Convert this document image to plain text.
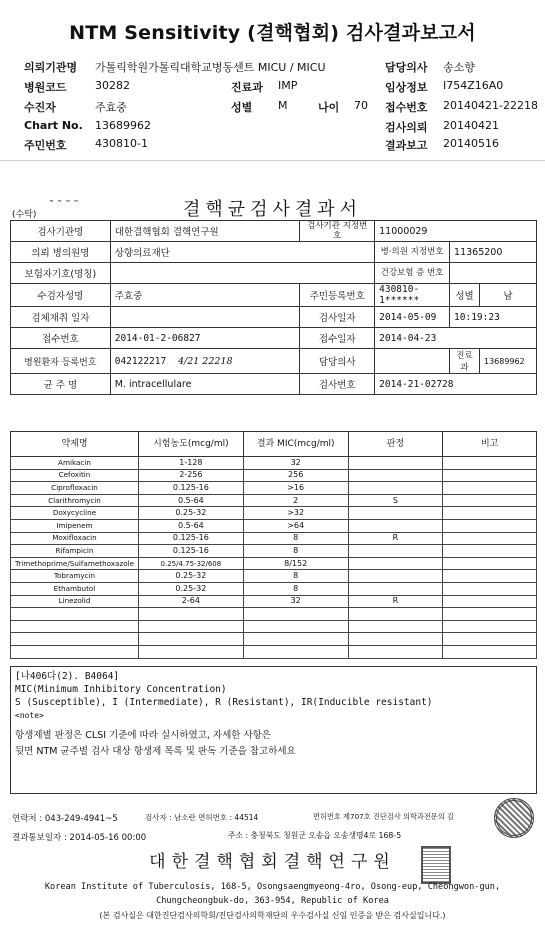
NTM Sensitivity (결핵협회) 검사결과보고서
의뢰기관명 가톨릭학원가톨릭대학교병동센트 MICU / MICU	담당의사 송소향
병원코드	30282	진료과 IMP	임상정보 I754Z16A0
수진자	주효중	성별 M	나이 70 접수번호 20140421-22218
Chart No. 13689962	검사의뢰 20140421
주민번호	430810-1	결과보고 20140516
(수탁)
˜ ˜ ˜ ˜	결핵균검사결과서
검사기관명	대한결핵협회 결핵연구원	검사기관 지정번호	11000029		
의뢰 병의원명	상향의료재단		병·의원 지정번호	11365200	
보험자기호(명칭)			건강보험 증 번호		
수검자성명	주효중	주민등록번호	430810-1******	성별	남
검체채취 일자		검사일자	2014-05-09	10:19:23	
접수번호	2014-01-2-06827	접수일자	2014-04-23		
병원환자 등록번호	042122217 4/21 22218	담당의사		진료과	13689962
균 주 명	M. intracellulare	검사번호	2014-21-02728		
약제명	시험농도(mcg/ml)	결과 MIC(mcg/ml)	판정	비고
Amikacin	1-128	32		
Cefoxitin	2-256	256		
Ciprofloxacin	0.125-16	>16		
Clarithromycin	0.5-64	2	S	
Doxycycline	0.25-32	>32		
Imipenem	0.5-64	>64		
Moxifloxacin	0.125-16	8	R	
Rifampicin	0.125-16	8		
Trimethoprime/Sulfamethoxazole	0.25/4.75-32/608	8/152		
Tobramycin	0.25-32	8		
Ethambutol	0.25-32	8		
Linezolid	2-64	32	R	

[나406다(2). B4064]
MIC(Minimum Inhibitory Concentration)
S (Susceptible), I (Intermediate), R (Resistant), IR(Inducible resistant)
<note>
항생제별 판정은 CLSI 기준에 따라 실시하였고, 자세한 사항은
뒷면 NTM 균주별 검사 대상 항생제 목록 및 판독 기준을 참고하세요
연락처 : 043-249-4941~5	검사자 : 남소란 면허번호 : 44514	면허번호 제707호 진단검사 의학과전문의 김
결과통보일자 : 2014-05-16 00:00	주소 : 충청북도 청원군 오송읍 오송생명4로 168-5
대한결핵협회결핵연구원
Korean Institute of Tuberculosis, 168-5, Osongsaengmyeong-4ro, Osong-eup, Cheongwon-gun,
Chungcheongbuk-do, 363-954, Republic of Korea
(본 검사실은 대한진단검사의학회/진단검사의학재단의 우수검사실 신임 인증을 받은 검사실입니다.)
